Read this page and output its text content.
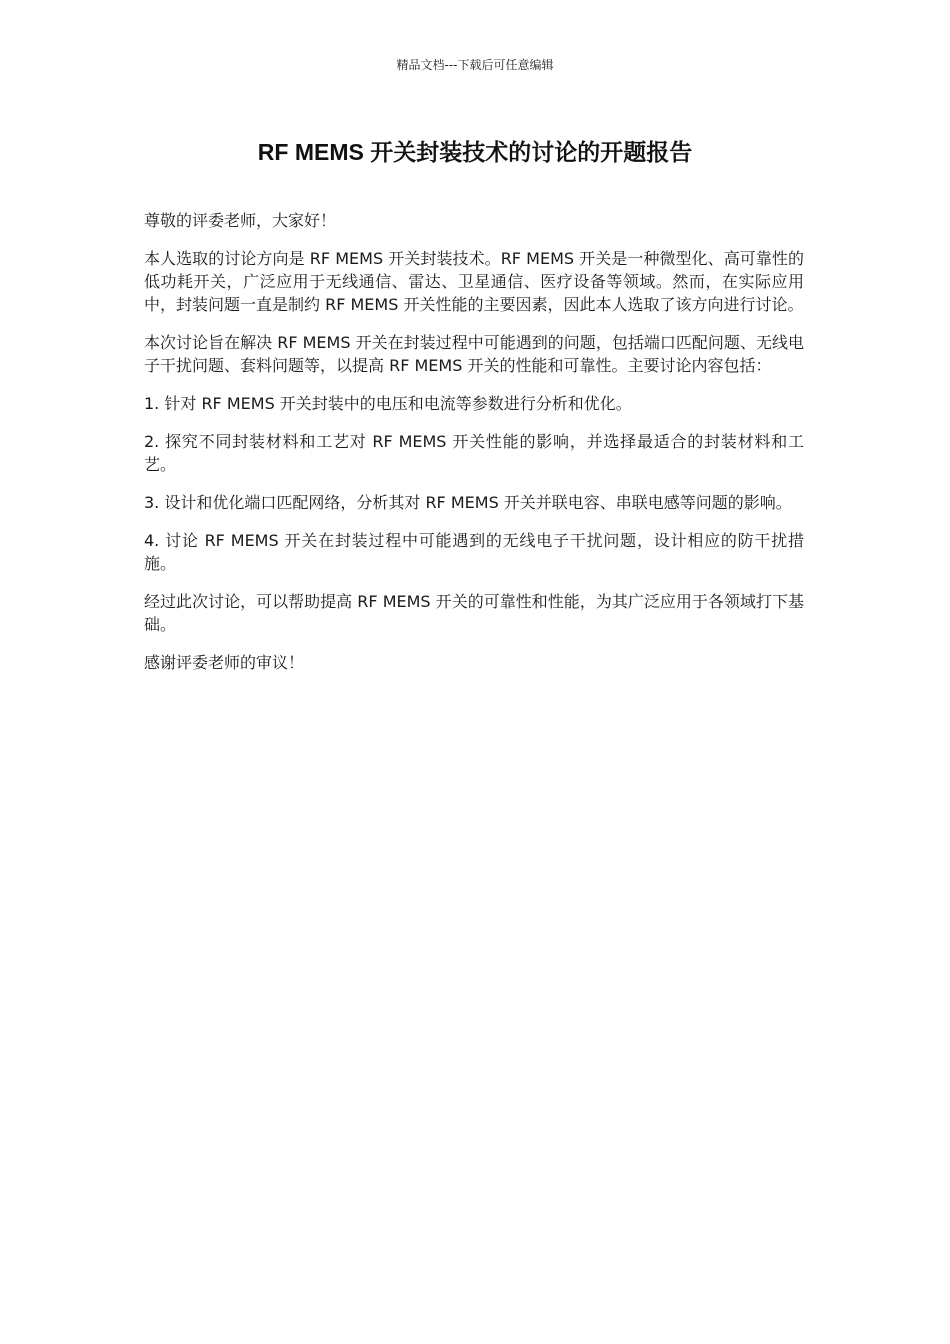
精品文档---下载后可任意编辑
RF MEMS 开关封装技术的讨论的开题报告

尊敬的评委老师，大家好！

本人选取的讨论方向是 RF MEMS 开关封装技术。RF MEMS 开关是一种微型化、高可靠性的低功耗开关，广泛应用于无线通信、雷达、卫星通信、医疗设备等领域。然而，在实际应用中，封装问题一直是制约 RF MEMS 开关性能的主要因素，因此本人选取了该方向进行讨论。

本次讨论旨在解决 RF MEMS 开关在封装过程中可能遇到的问题，包括端口匹配问题、无线电子干扰问题、套料问题等，以提高 RF MEMS 开关的性能和可靠性。主要讨论内容包括：

1. 针对 RF MEMS 开关封装中的电压和电流等参数进行分析和优化。

2. 探究不同封装材料和工艺对 RF MEMS 开关性能的影响，并选择最适合的封装材料和工艺。

3. 设计和优化端口匹配网络，分析其对 RF MEMS 开关并联电容、串联电感等问题的影响。

4. 讨论 RF MEMS 开关在封装过程中可能遇到的无线电子干扰问题，设计相应的防干扰措施。

经过此次讨论，可以帮助提高 RF MEMS 开关的可靠性和性能，为其广泛应用于各领域打下基础。

感谢评委老师的审议！
